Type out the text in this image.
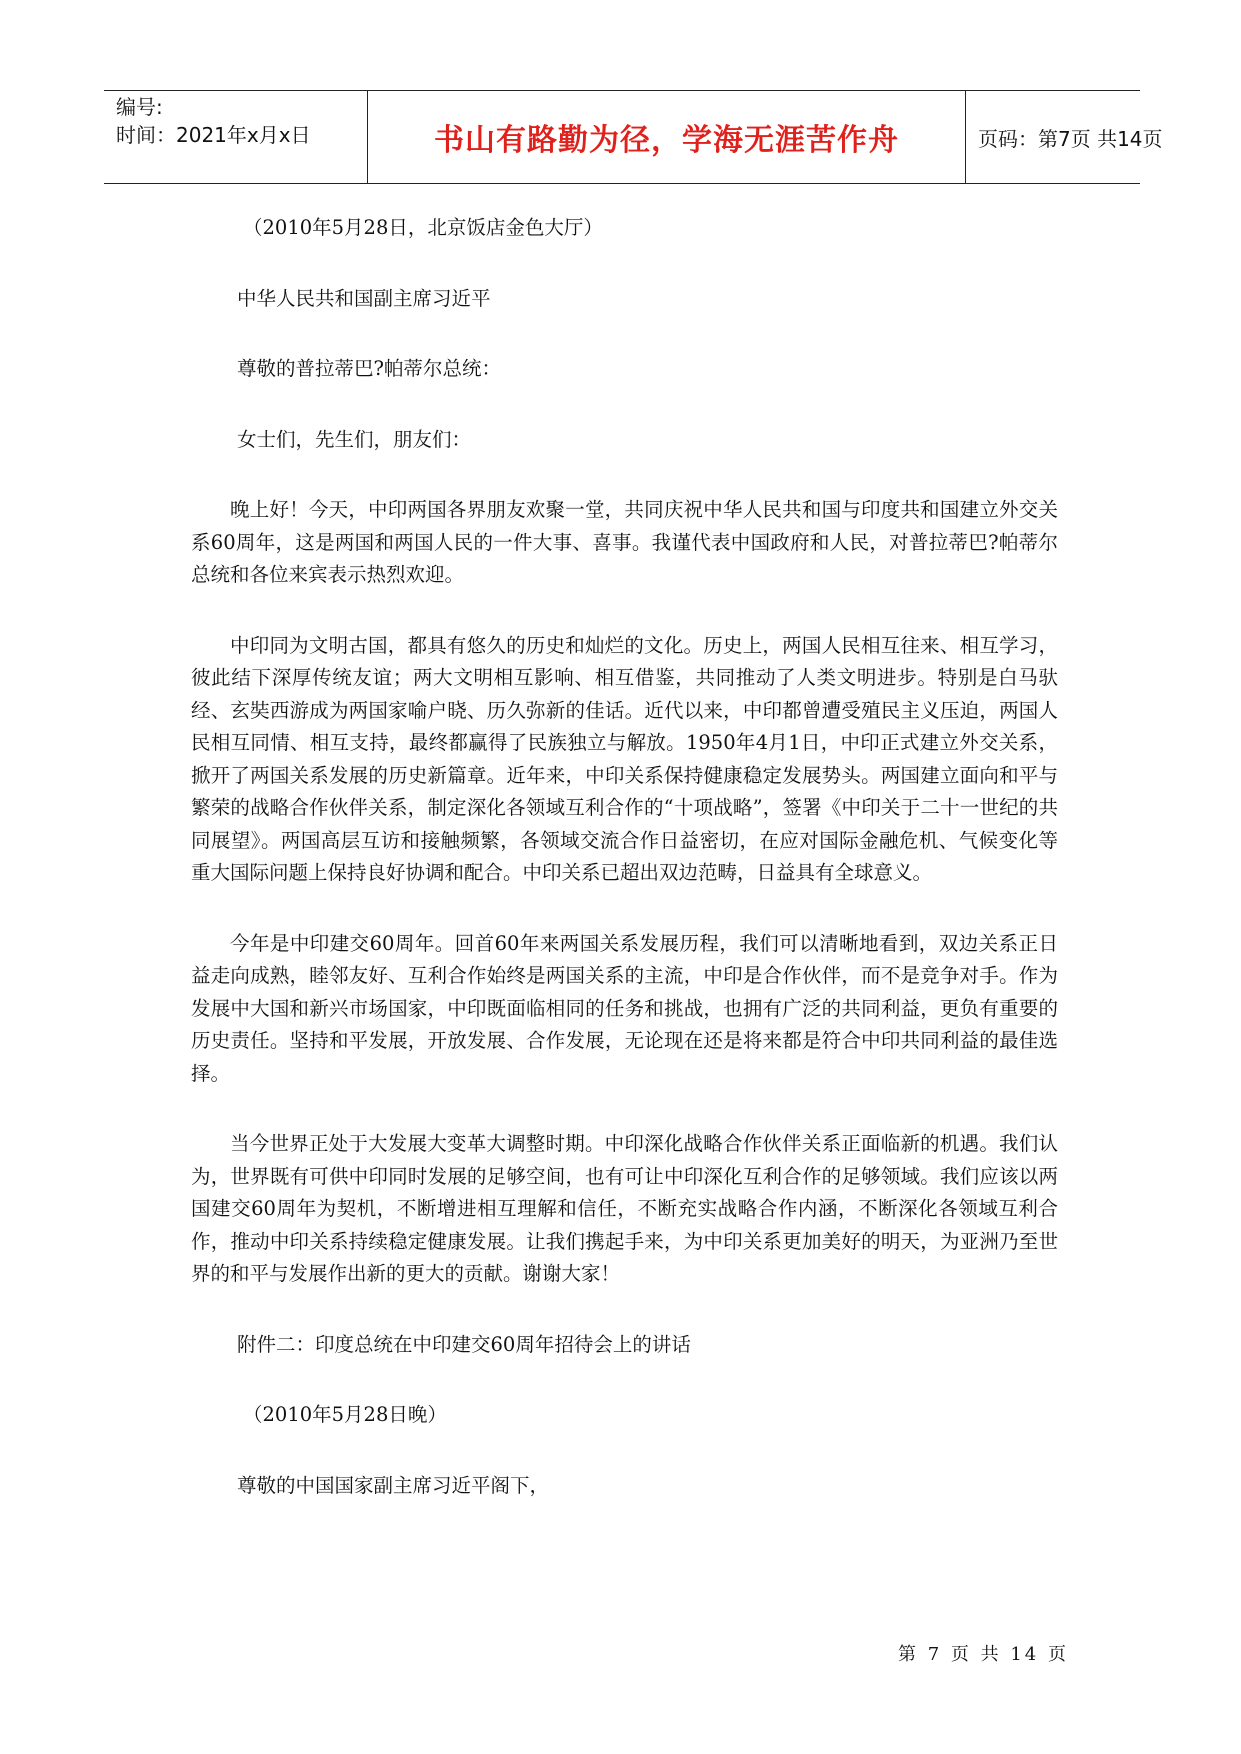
编号:
时间：2021年x月x日	书山有路勤为径，学海无涯苦作舟	页码：第7页 共14页

（2010年5月28日，北京饭店金色大厅）

中华人民共和国副主席习近平

尊敬的普拉蒂巴?帕蒂尔总统：

女士们，先生们，朋友们：

晚上好！今天，中印两国各界朋友欢聚一堂，共同庆祝中华人民共和国与印度共和国建立外交关系60周年，这是两国和两国人民的一件大事、喜事。我谨代表中国政府和人民，对普拉蒂巴?帕蒂尔总统和各位来宾表示热烈欢迎。

中印同为文明古国，都具有悠久的历史和灿烂的文化。历史上，两国人民相互往来、相互学习，彼此结下深厚传统友谊；两大文明相互影响、相互借鉴，共同推动了人类文明进步。特别是白马驮经、玄奘西游成为两国家喻户晓、历久弥新的佳话。近代以来，中印都曾遭受殖民主义压迫，两国人民相互同情、相互支持，最终都赢得了民族独立与解放。1950年4月1日，中印正式建立外交关系，掀开了两国关系发展的历史新篇章。近年来，中印关系保持健康稳定发展势头。两国建立面向和平与繁荣的战略合作伙伴关系，制定深化各领域互利合作的“十项战略”，签署《中印关于二十一世纪的共同展望》。两国高层互访和接触频繁，各领域交流合作日益密切，在应对国际金融危机、气候变化等重大国际问题上保持良好协调和配合。中印关系已超出双边范畴，日益具有全球意义。

今年是中印建交60周年。回首60年来两国关系发展历程，我们可以清晰地看到，双边关系正日益走向成熟，睦邻友好、互利合作始终是两国关系的主流，中印是合作伙伴，而不是竞争对手。作为发展中大国和新兴市场国家，中印既面临相同的任务和挑战，也拥有广泛的共同利益，更负有重要的历史责任。坚持和平发展，开放发展、合作发展，无论现在还是将来都是符合中印共同利益的最佳选择。

当今世界正处于大发展大变革大调整时期。中印深化战略合作伙伴关系正面临新的机遇。我们认为，世界既有可供中印同时发展的足够空间，也有可让中印深化互利合作的足够领域。我们应该以两国建交60周年为契机，不断增进相互理解和信任，不断充实战略合作内涵，不断深化各领域互利合作，推动中印关系持续稳定健康发展。让我们携起手来，为中印关系更加美好的明天，为亚洲乃至世界的和平与发展作出新的更大的贡献。谢谢大家！

附件二：印度总统在中印建交60周年招待会上的讲话

（2010年5月28日晚）

尊敬的中国国家副主席习近平阁下，

第 7 页 共 14 页
